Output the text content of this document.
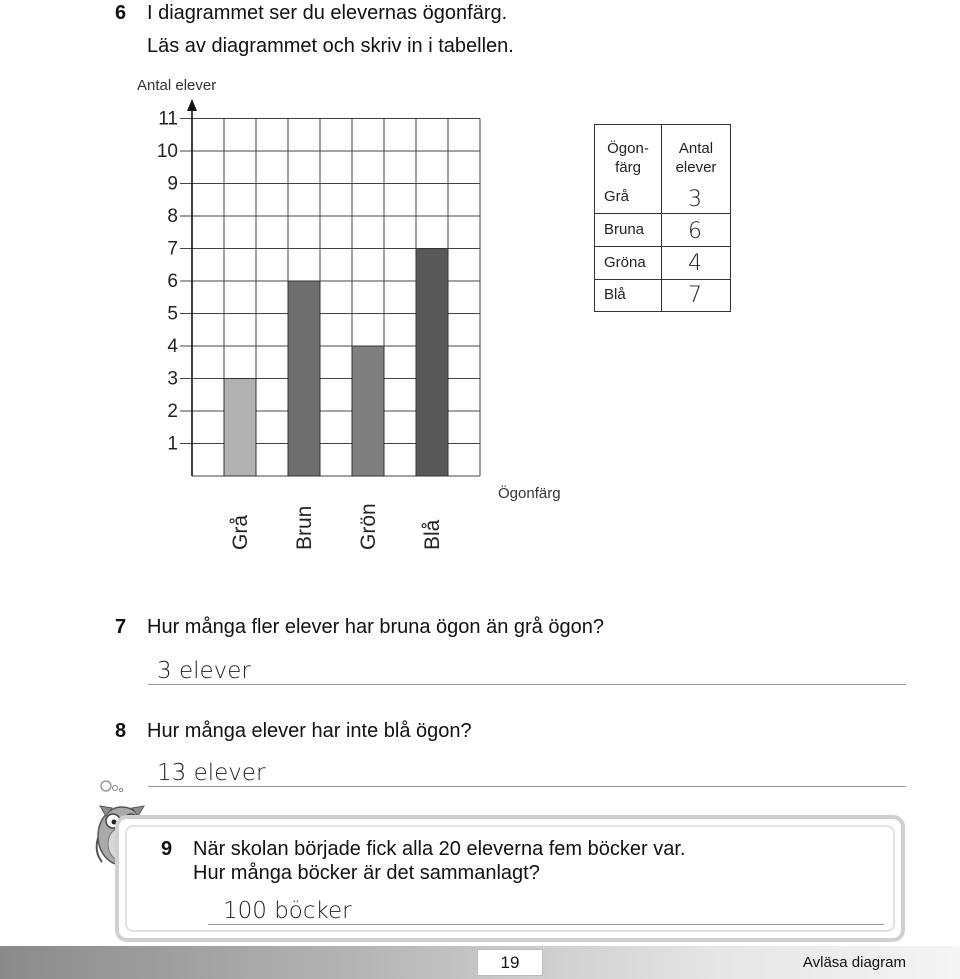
6 I diagrammet ser du elevernas ögonfärg.
Läs av diagrammet och skriv in i tabellen.
Antal elever
1
2
3
4
5
6
7
8
9
10
11
Grå Brun Grön Blå
Ögonfärg
Ögon-
färg
Antal
elever
Grå	3
Bruna 6
Gröna 4
Blå	7
7 Hur många fler elever har bruna ögon än grå ögon?
3 elever
8 Hur många elever har inte blå ögon?
13 elever
9 När skolan började fick alla 20 eleverna fem böcker var.
Hur många böcker är det sammanlagt?
100 böcker
19	Avläsa diagram
